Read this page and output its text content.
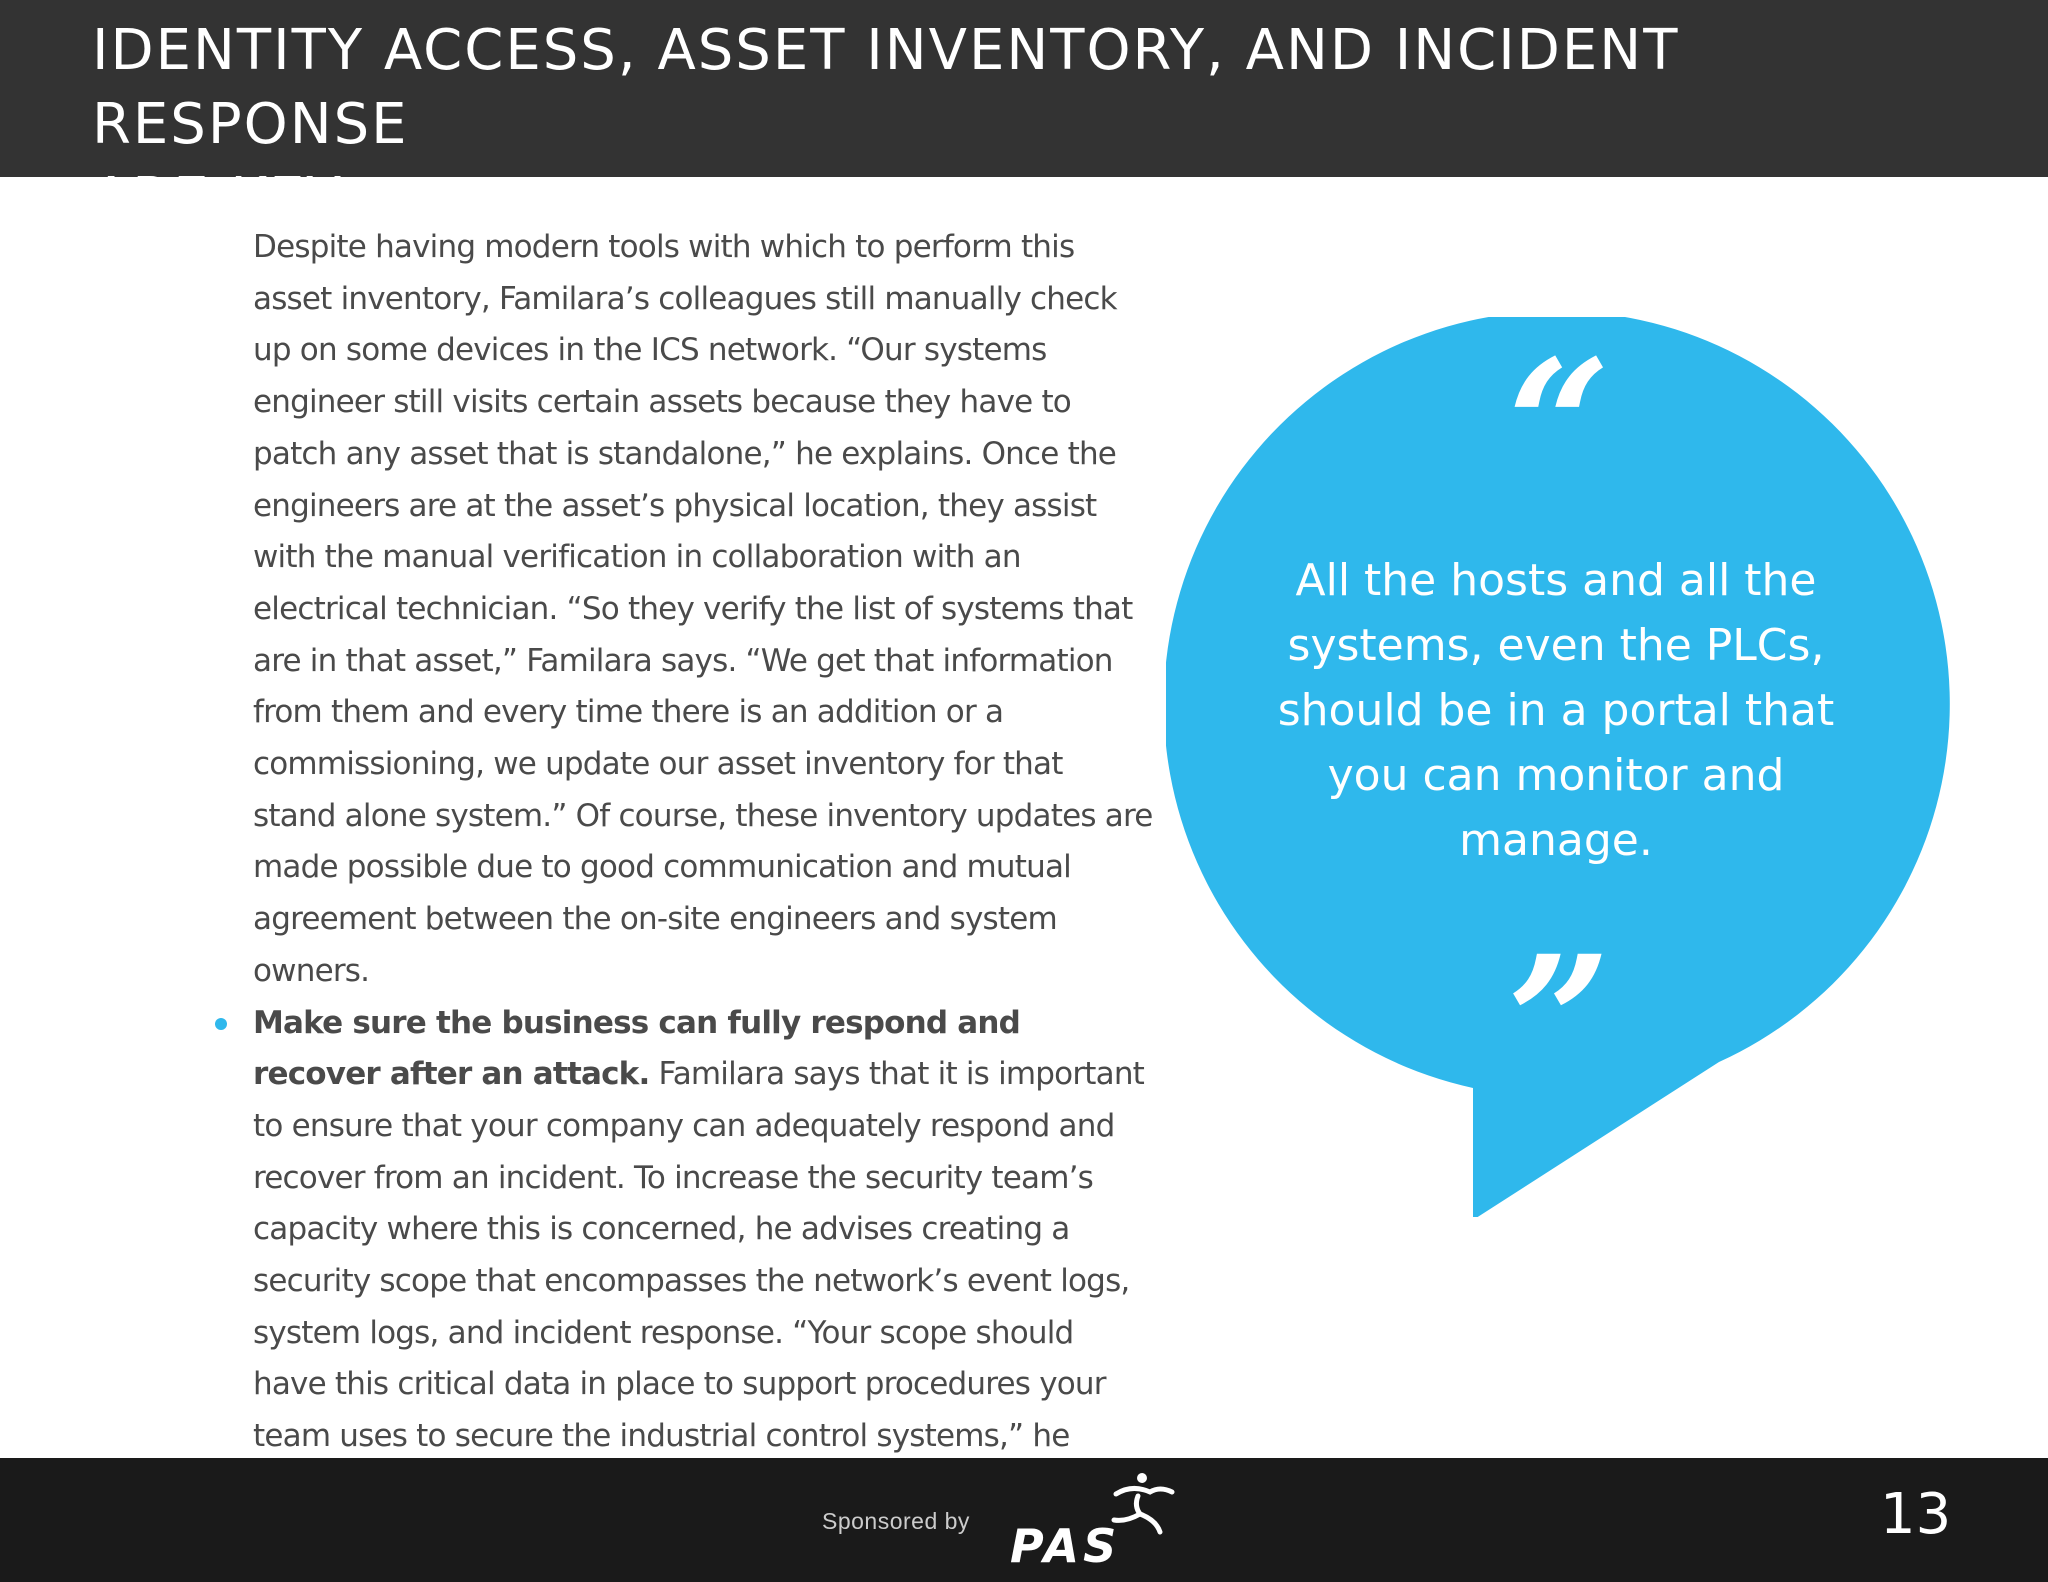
IDENTITY ACCESS, ASSET INVENTORY, AND INCIDENT RESPONSE
ARE KEY

Despite having modern tools with which to perform this asset inventory, Familara’s colleagues still manually check up on some devices in the ICS network. “Our systems engineer still visits certain assets because they have to patch any asset that is standalone,” he explains. Once the engineers are at the asset’s physical location, they assist with the manual verification in collaboration with an electrical technician. “So they verify the list of systems that are in that asset,” Familara says. “We get that information from them and every time there is an addition or a commissioning, we update our asset inventory for that stand alone system.” Of course, these inventory updates are made possible due to good communication and mutual agreement between the on-site engineers and system owners.

Make sure the business can fully respond and recover after an attack. Familara says that it is important to ensure that your company can adequately respond and recover from an incident. To increase the security team’s capacity where this is concerned, he advises creating a security scope that encompasses the network’s event logs, system logs, and incident response. “Your scope should have this critical data in place to support procedures your team uses to secure the industrial control systems,” he

“
”

All the hosts and all the systems, even the PLCs, should be in a portal that you can monitor and manage.

Sponsored by PAS	13
